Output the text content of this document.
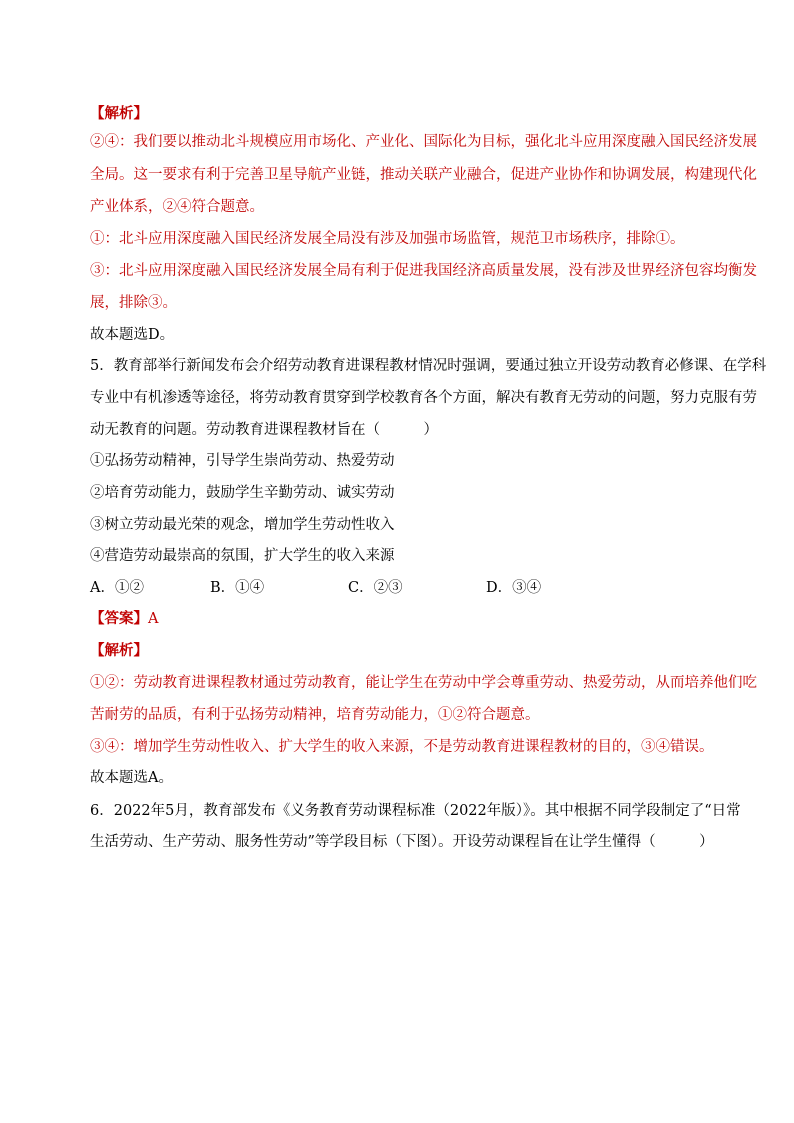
【解析】
②④：我们要以推动北斗规模应用市场化、产业化、国际化为目标，强化北斗应用深度融入国民经济发展
全局。这一要求有利于完善卫星导航产业链，推动关联产业融合，促进产业协作和协调发展，构建现代化
产业体系，②④符合题意。
①：北斗应用深度融入国民经济发展全局没有涉及加强市场监管，规范卫市场秩序，排除①。
③：北斗应用深度融入国民经济发展全局有利于促进我国经济高质量发展，没有涉及世界经济包容均衡发
展，排除③。
故本题选D。
5．教育部举行新闻发布会介绍劳动教育进课程教材情况时强调，要通过独立开设劳动教育必修课、在学科
专业中有机渗透等途径，将劳动教育贯穿到学校教育各个方面，解决有教育无劳动的问题，努力克服有劳
动无教育的问题。劳动教育进课程教材旨在（　　　）
①弘扬劳动精神，引导学生崇尚劳动、热爱劳动
②培育劳动能力，鼓励学生辛勤劳动、诚实劳动
③树立劳动最光荣的观念，增加学生劳动性收入
④营造劳动最崇高的氛围，扩大学生的收入来源
A．①②	B．①④	C．②③	D．③④
【答案】A
【解析】
①②：劳动教育进课程教材通过劳动教育，能让学生在劳动中学会尊重劳动、热爱劳动，从而培养他们吃
苦耐劳的品质，有利于弘扬劳动精神，培育劳动能力，①②符合题意。
③④：增加学生劳动性收入、扩大学生的收入来源，不是劳动教育进课程教材的目的，③④错误。
故本题选A。
6．2022年5月，教育部发布《义务教育劳动课程标准（2022年版）》。其中根据不同学段制定了“日常
生活劳动、生产劳动、服务性劳动”等学段目标（下图）。开设劳动课程旨在让学生懂得（　　　）
